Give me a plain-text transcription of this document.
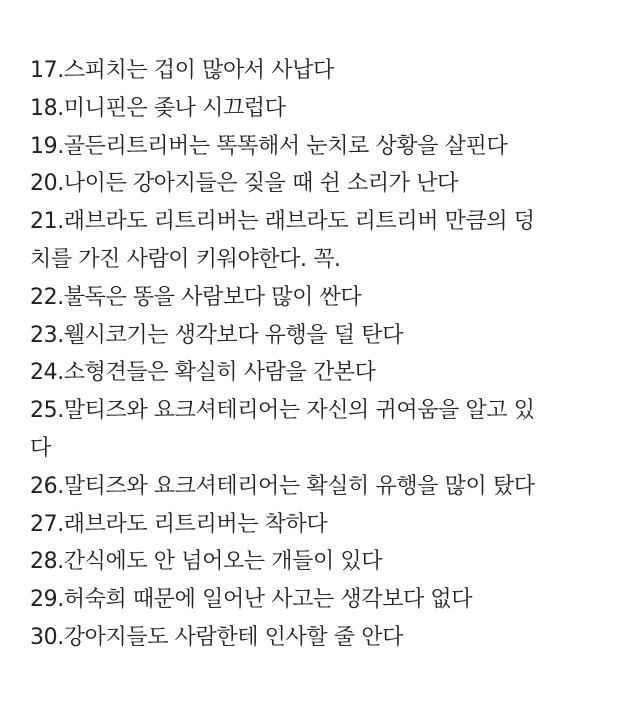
17.스피치는 겁이 많아서 사납다
18.미니핀은 좆나 시끄럽다
19.골든리트리버는 똑똑해서 눈치로 상황을 살핀다
20.나이든 강아지들은 짖을 때 쉰 소리가 난다
21.래브라도 리트리버는 래브라도 리트리버 만큼의 덩
치를 가진 사람이 키워야한다. 꼭.
22.불독은 똥을 사람보다 많이 싼다
23.웰시코기는 생각보다 유행을 덜 탄다
24.소형견들은 확실히 사람을 간본다
25.말티즈와 요크셔테리어는 자신의 귀여움을 알고 있
다
26.말티즈와 요크셔테리어는 확실히 유행을 많이 탔다
27.래브라도 리트리버는 착하다
28.간식에도 안 넘어오는 개들이 있다
29.허숙희 때문에 일어난 사고는 생각보다 없다
30.강아지들도 사람한테 인사할 줄 안다
